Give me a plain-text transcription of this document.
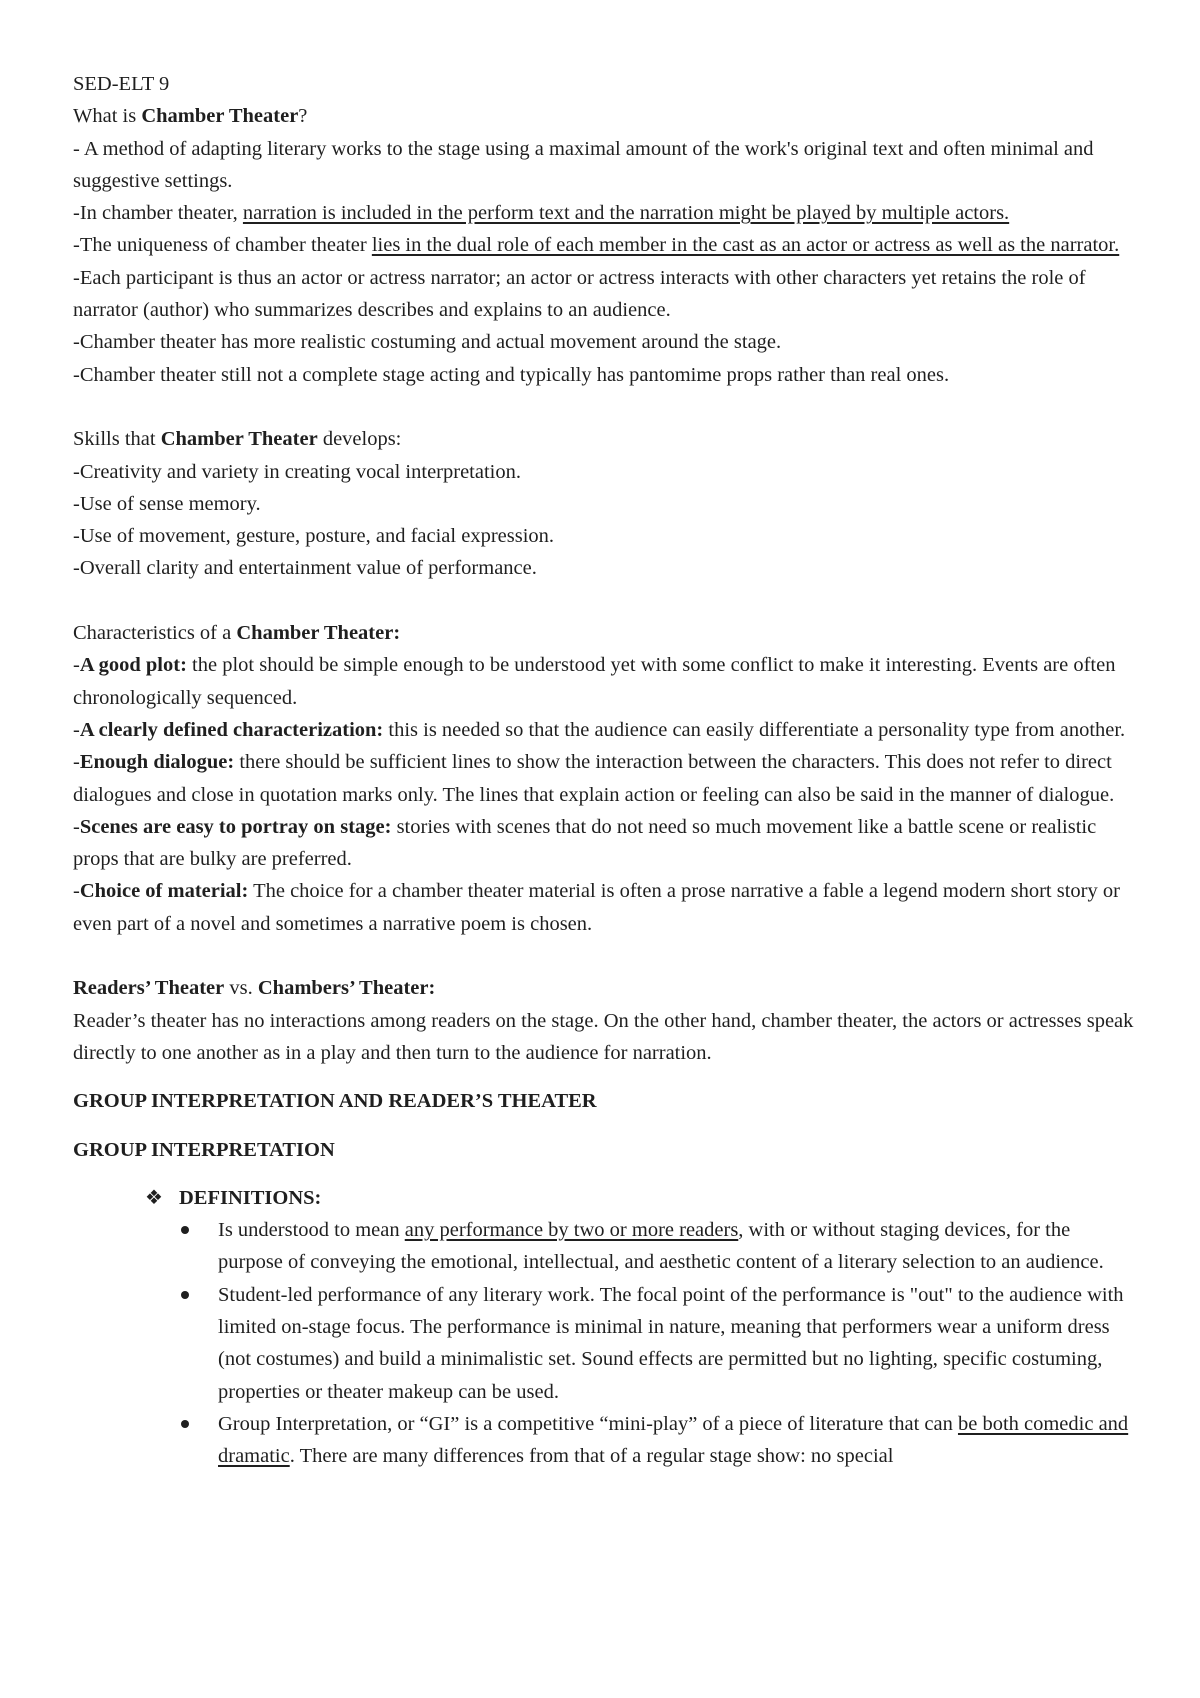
SED-ELT 9

What is Chamber Theater?

- A method of adapting literary works to the stage using a maximal amount of the work's original text and often minimal and suggestive settings.

-In chamber theater, narration is included in the perform text and the narration might be played by multiple actors.

-The uniqueness of chamber theater lies in the dual role of each member in the cast as an actor or actress as well as the narrator.

-Each participant is thus an actor or actress narrator; an actor or actress interacts with other characters yet retains the role of narrator (author) who summarizes describes and explains to an audience.

-Chamber theater has more realistic costuming and actual movement around the stage.

-Chamber theater still not a complete stage acting and typically has pantomime props rather than real ones.

Skills that Chamber Theater develops:

-Creativity and variety in creating vocal interpretation.

-Use of sense memory.

-Use of movement, gesture, posture, and facial expression.

-Overall clarity and entertainment value of performance.

Characteristics of a Chamber Theater:

-A good plot: the plot should be simple enough to be understood yet with some conflict to make it interesting. Events are often chronologically sequenced.

-A clearly defined characterization: this is needed so that the audience can easily differentiate a personality type from another.

-Enough dialogue: there should be sufficient lines to show the interaction between the characters. This does not refer to direct dialogues and close in quotation marks only. The lines that explain action or feeling can also be said in the manner of dialogue.

-Scenes are easy to portray on stage: stories with scenes that do not need so much movement like a battle scene or realistic props that are bulky are preferred.

-Choice of material: The choice for a chamber theater material is often a prose narrative a fable a legend modern short story or even part of a novel and sometimes a narrative poem is chosen.

Readers’ Theater vs. Chambers’ Theater:

Reader’s theater has no interactions among readers on the stage. On the other hand, chamber theater, the actors or actresses speak directly to one another as in a play and then turn to the audience for narration.

GROUP INTERPRETATION AND READER’S THEATER

GROUP INTERPRETATION

❖ DEFINITIONS:
Is understood to mean any performance by two or more readers, with or without staging devices, for the purpose of conveying the emotional, intellectual, and aesthetic content of a literary selection to an audience.
Student-led performance of any literary work. The focal point of the performance is "out" to the audience with limited on-stage focus. The performance is minimal in nature, meaning that performers wear a uniform dress (not costumes) and build a minimalistic set. Sound effects are permitted but no lighting, specific costuming, properties or theater makeup can be used.
Group Interpretation, or “GI” is a competitive “mini-play” of a piece of literature that can be both comedic and dramatic. There are many differences from that of a regular stage show: no special
